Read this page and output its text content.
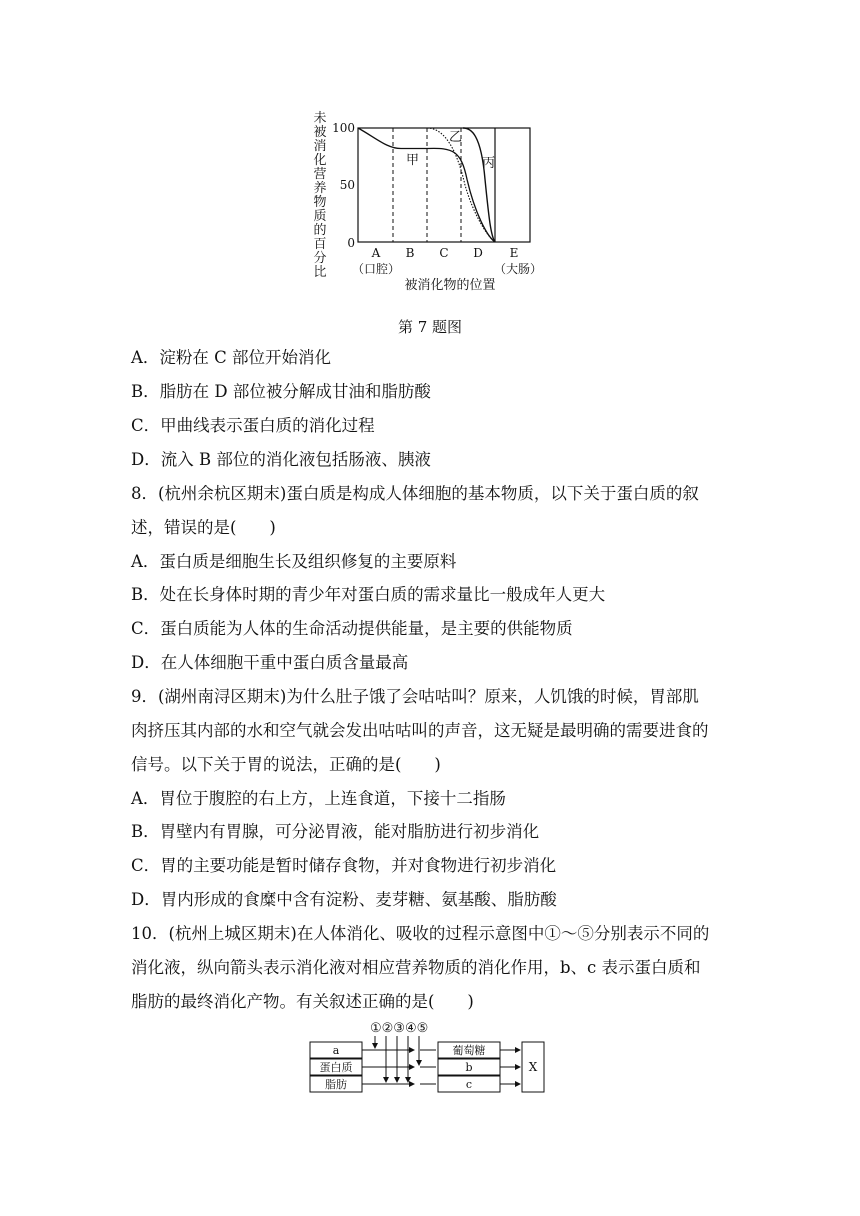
未被消化营养物质的百分比
100
50
0
甲
乙
丙
A B C D E
（口腔）	（大肠）
被消化物的位置
第 7 题图
A．淀粉在 C 部位开始消化
B．脂肪在 D 部位被分解成甘油和脂肪酸
C．甲曲线表示蛋白质的消化过程
D．流入 B 部位的消化液包括肠液、胰液
8．(杭州余杭区期末)蛋白质是构成人体细胞的基本物质，以下关于蛋白质的叙
述，错误的是(　　)
A．蛋白质是细胞生长及组织修复的主要原料
B．处在长身体时期的青少年对蛋白质的需求量比一般成年人更大
C．蛋白质能为人体的生命活动提供能量，是主要的供能物质
D．在人体细胞干重中蛋白质含量最高
9．(湖州南浔区期末)为什么肚子饿了会咕咕叫？原来，人饥饿的时候，胃部肌
肉挤压其内部的水和空气就会发出咕咕叫的声音，这无疑是最明确的需要进食的
信号。以下关于胃的说法，正确的是(　　)
A．胃位于腹腔的右上方，上连食道，下接十二指肠
B．胃壁内有胃腺，可分泌胃液，能对脂肪进行初步消化
C．胃的主要功能是暂时储存食物，并对食物进行初步消化
D．胃内形成的食糜中含有淀粉、麦芽糖、氨基酸、脂肪酸
10．(杭州上城区期末)在人体消化、吸收的过程示意图中①～⑤分别表示不同的
消化液，纵向箭头表示消化液对相应营养物质的消化作用，b、c 表示蛋白质和
脂肪的最终消化产物。有关叙述正确的是(　　)
①②③④⑤
a
蛋白质
脂肪
葡萄糖
b
c
X
